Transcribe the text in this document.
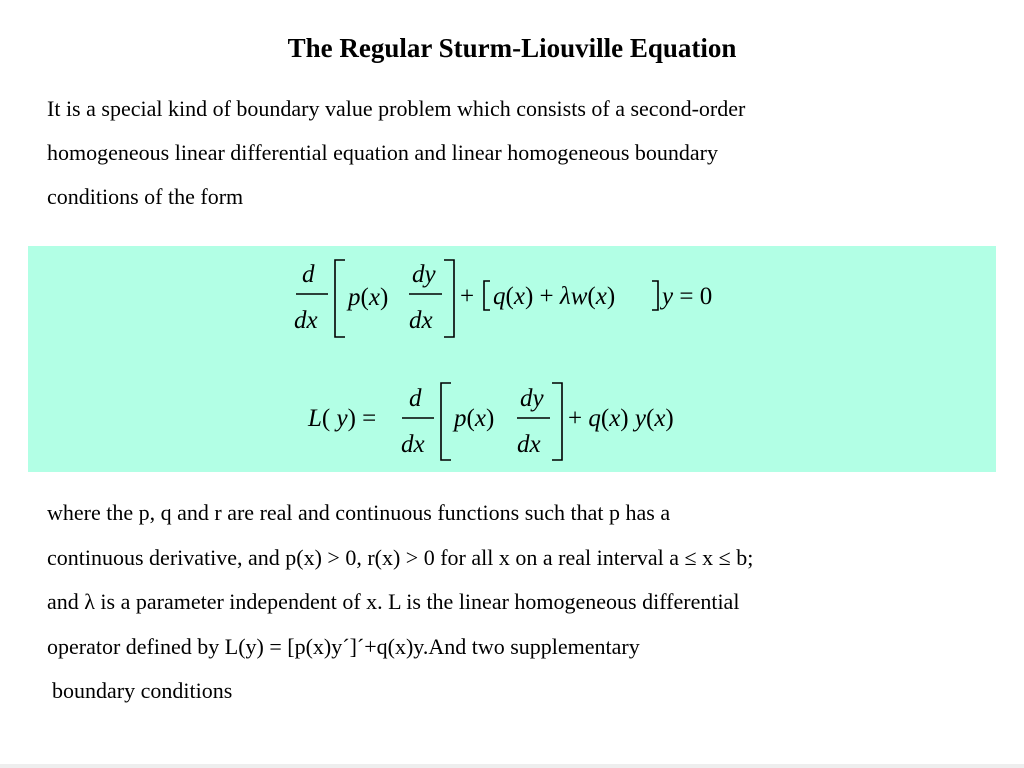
The Regular Sturm-Liouville Equation
It is a special kind of boundary value problem which consists of a second-order
homogeneous linear differential equation and linear homogeneous boundary
conditions of the form
d
dx
p(x)
dy
dx
+ q(x) + λw(x) y = 0
L( y) =
d
dx
p(x)
dy
dx
+ q(x) y(x)
where the p, q and r are real and continuous functions such that p has a
continuous derivative, and p(x) > 0, r(x) > 0 for all x on a real interval a ≤ x ≤ b;
and λ is a parameter independent of x. L is the linear homogeneous differential
operator defined by L(y) = [p(x)y´]´+q(x)y.And two supplementary
boundary conditions
